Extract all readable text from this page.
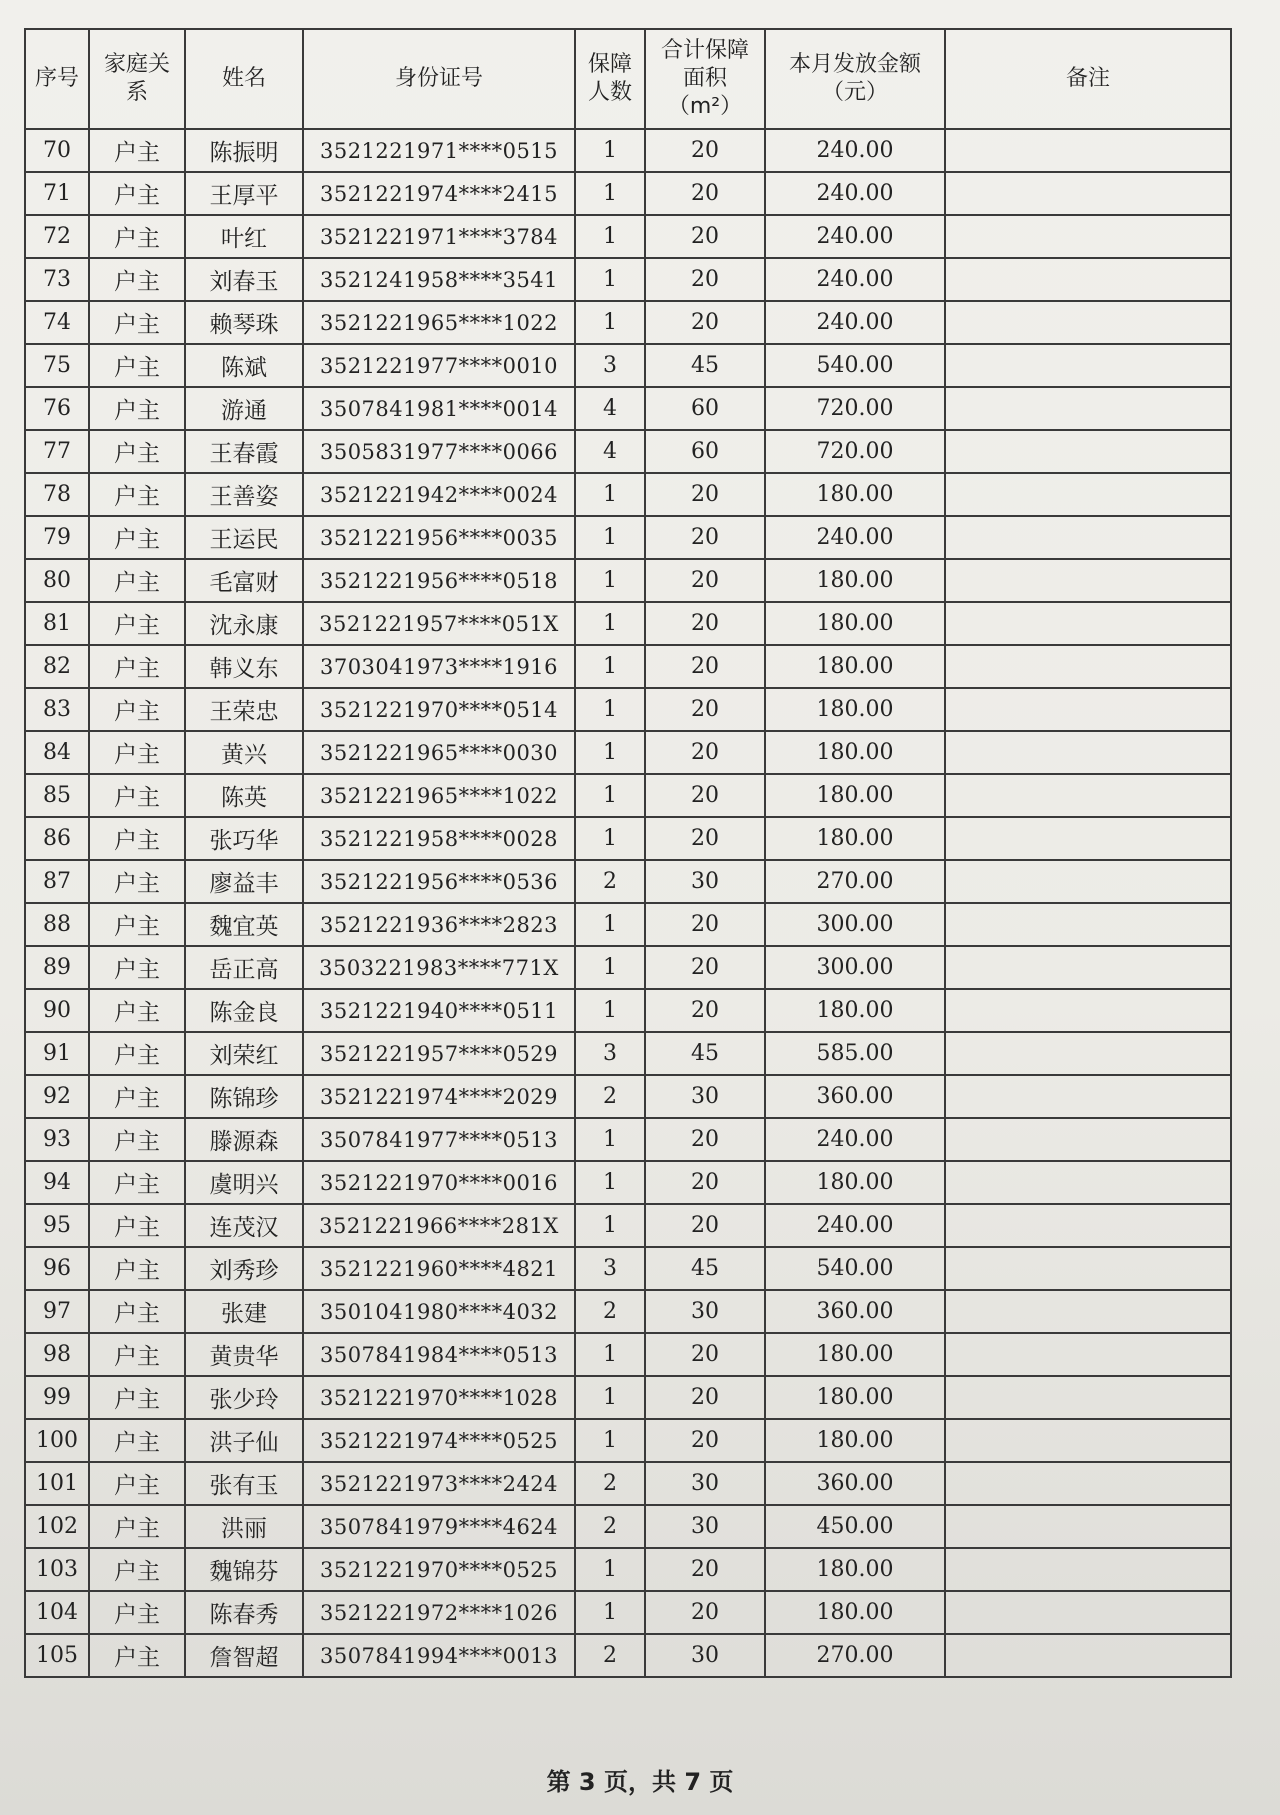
序号	家庭关系	姓名	身份证号	保障人数	合计保障面积（m²）	本月发放金额（元）	备注
70	户主	陈振明	3521221971****0515	1	20	240.00	
71	户主	王厚平	3521221974****2415	1	20	240.00	
72	户主	叶红	3521221971****3784	1	20	240.00	
73	户主	刘春玉	3521241958****3541	1	20	240.00	
74	户主	赖琴珠	3521221965****1022	1	20	240.00	
75	户主	陈斌	3521221977****0010	3	45	540.00	
76	户主	游通	3507841981****0014	4	60	720.00	
77	户主	王春霞	3505831977****0066	4	60	720.00	
78	户主	王善姿	3521221942****0024	1	20	180.00	
79	户主	王运民	3521221956****0035	1	20	240.00	
80	户主	毛富财	3521221956****0518	1	20	180.00	
81	户主	沈永康	3521221957****051X	1	20	180.00	
82	户主	韩义东	3703041973****1916	1	20	180.00	
83	户主	王荣忠	3521221970****0514	1	20	180.00	
84	户主	黄兴	3521221965****0030	1	20	180.00	
85	户主	陈英	3521221965****1022	1	20	180.00	
86	户主	张巧华	3521221958****0028	1	20	180.00	
87	户主	廖益丰	3521221956****0536	2	30	270.00	
88	户主	魏宜英	3521221936****2823	1	20	300.00	
89	户主	岳正高	3503221983****771X	1	20	300.00	
90	户主	陈金良	3521221940****0511	1	20	180.00	
91	户主	刘荣红	3521221957****0529	3	45	585.00	
92	户主	陈锦珍	3521221974****2029	2	30	360.00	
93	户主	滕源森	3507841977****0513	1	20	240.00	
94	户主	虞明兴	3521221970****0016	1	20	180.00	
95	户主	连茂汉	3521221966****281X	1	20	240.00	
96	户主	刘秀珍	3521221960****4821	3	45	540.00	
97	户主	张建	3501041980****4032	2	30	360.00	
98	户主	黄贵华	3507841984****0513	1	20	180.00	
99	户主	张少玲	3521221970****1028	1	20	180.00	
100	户主	洪子仙	3521221974****0525	1	20	180.00	
101	户主	张有玉	3521221973****2424	2	30	360.00	
102	户主	洪丽	3507841979****4624	2	30	450.00	
103	户主	魏锦芬	3521221970****0525	1	20	180.00	
104	户主	陈春秀	3521221972****1026	1	20	180.00	
105	户主	詹智超	3507841994****0013	2	30	270.00	
第 3 页，共 7 页
